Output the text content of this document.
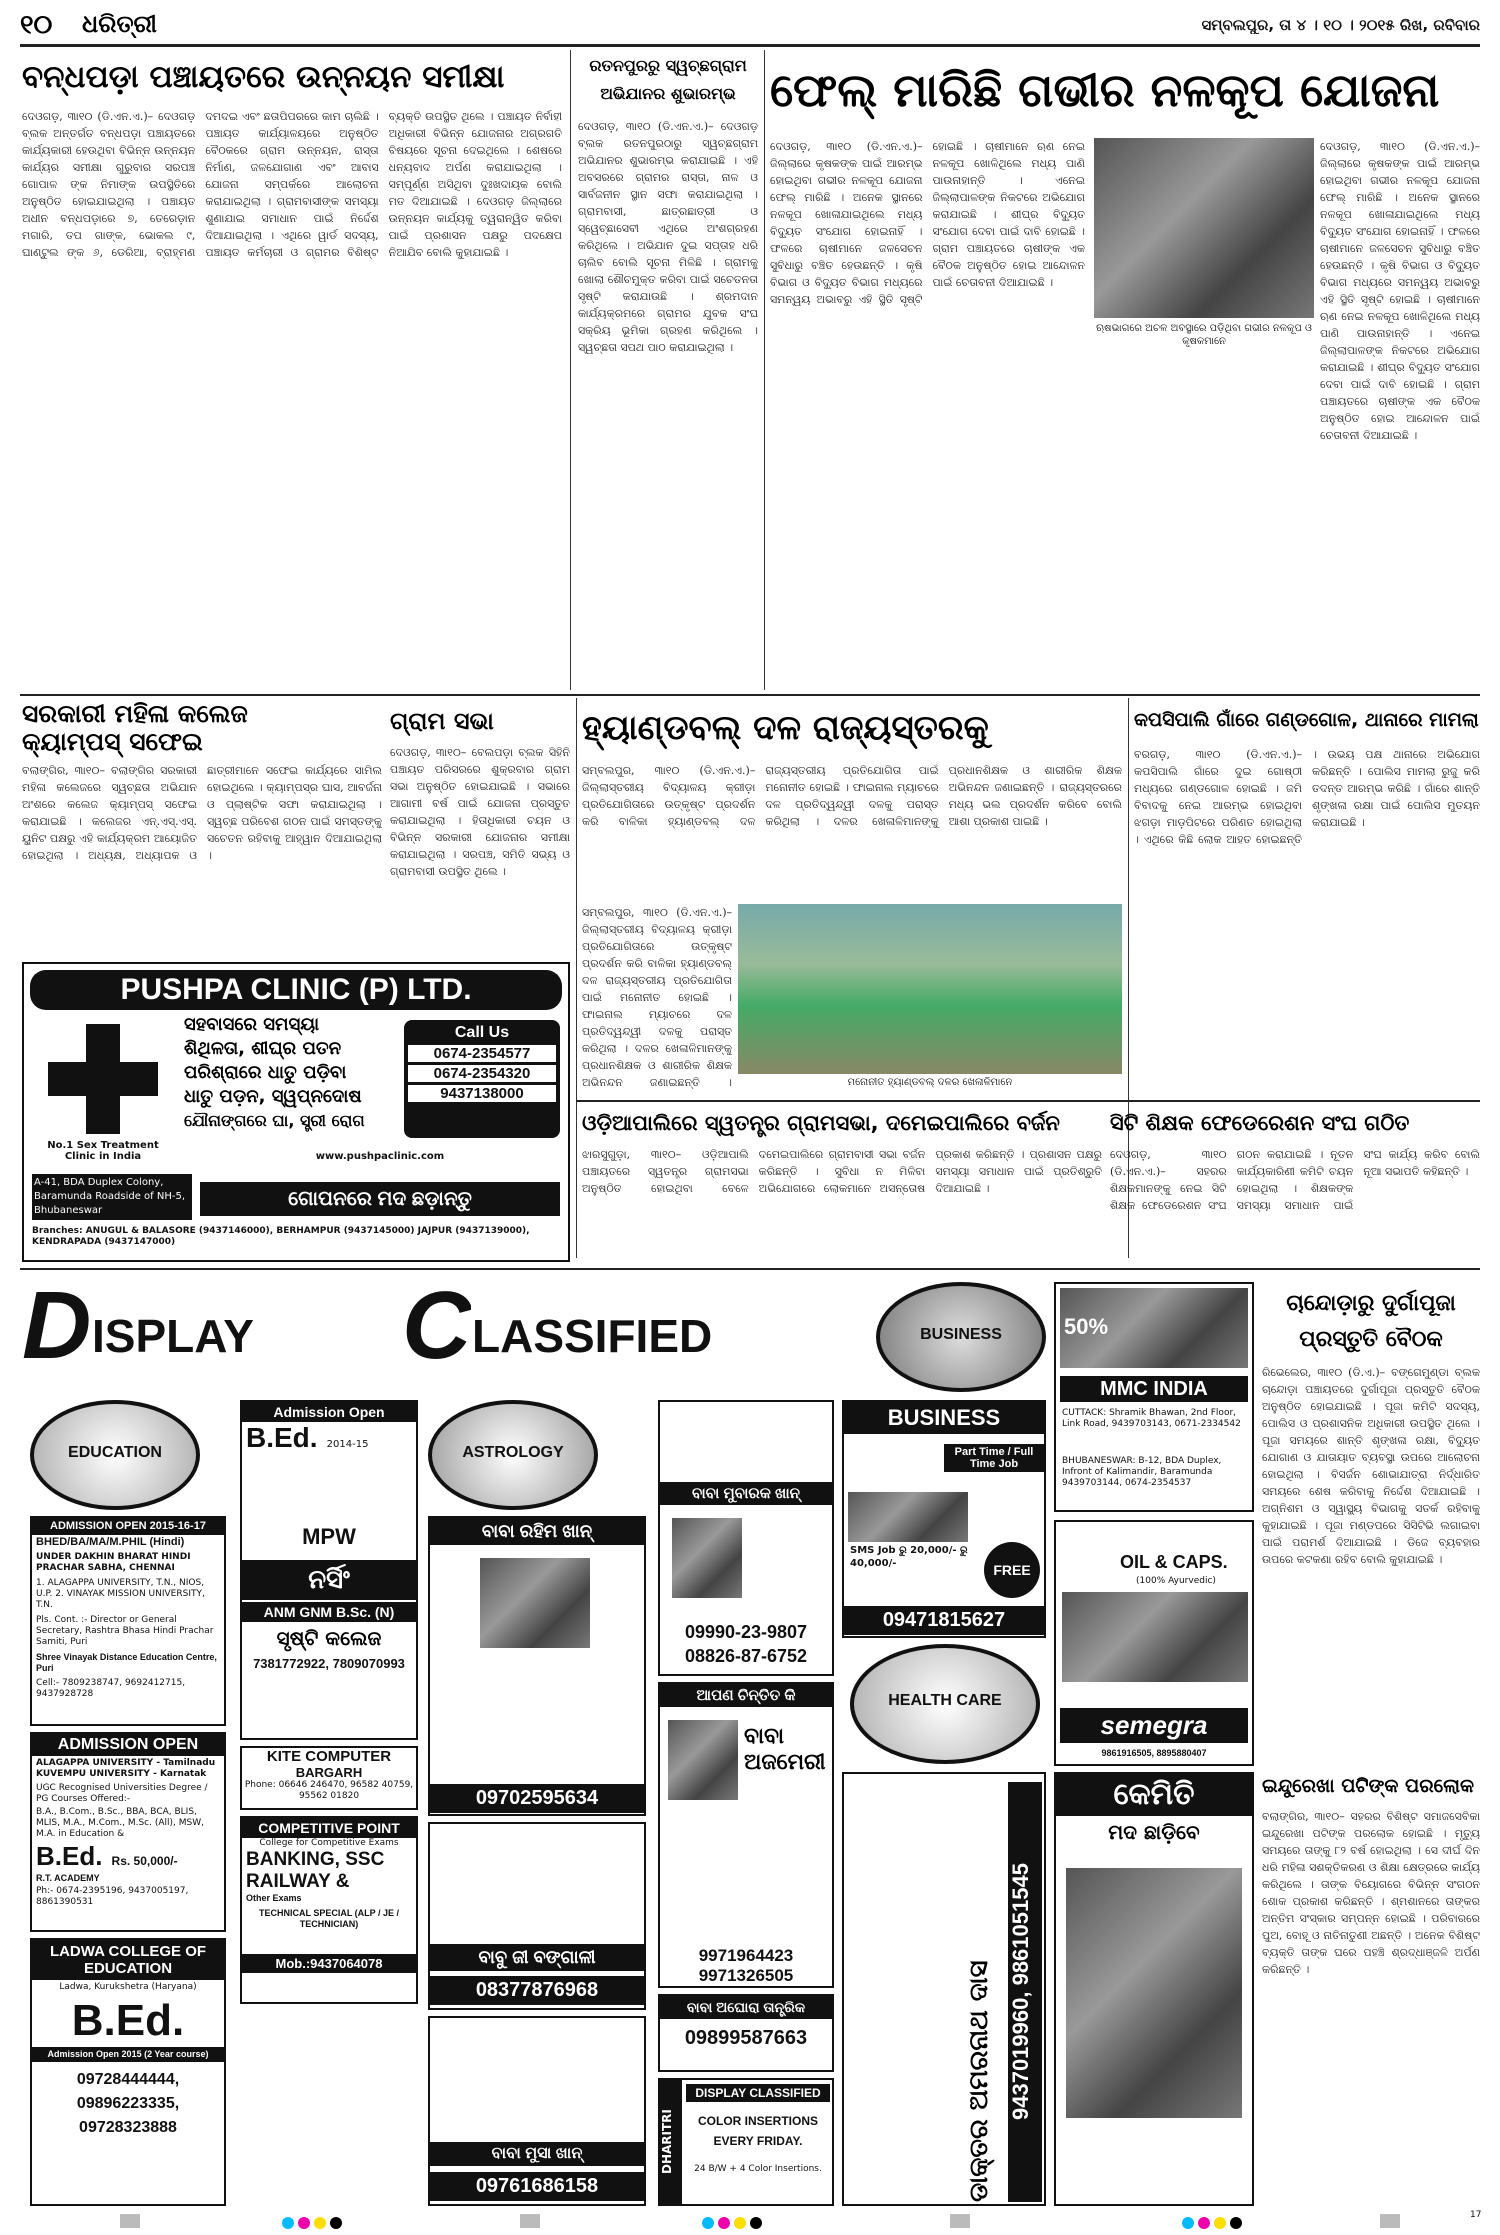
୧୦ ଧରିତ୍ରୀ	ସମ୍ବଲପୁର, ତା ୪ । ୧୦ । ୨୦୧୫ ରିଖ, ରବିବାର
ବନ୍ଧପଡ଼ା ପଞ୍ଚାୟତରେ ଉନ୍ନୟନ ସମୀକ୍ଷା
ଦେଓଗଡ଼, ୩ା୧୦ (ଡି.ଏନ.ଏ.)– ଦେଓଗଡ଼ ବ୍ଲକ ଅନ୍ତର୍ଗତ ବନ୍ଧପଡ଼ା ପଞ୍ଚାୟତରେ କାର୍ଯ୍ୟକାରୀ ହେଉଥିବା ବିଭିନ୍ନ ଉନ୍ନୟନ କାର୍ଯ୍ୟର ସମୀକ୍ଷା ଗୁରୁବାର ସରପଞ୍ଚ ଗୋପାଳ ଙ୍କ ନିମାଙ୍କ ଉପସ୍ଥିତିରେ ଅନୁଷ୍ଠିତ ହୋଇଯାଇଥିଲା । ପଞ୍ଚାୟତ ଅଧୀନ ବନ୍ଧପଡ଼ାରେ ୭, ତେରେଡ଼ାନ ମଗାରି, ତପ ଗାଙ୍କ, ଭୋକଲ ୯, ଘାଣ୍ଟୁଲ ଙ୍କ ୬, ଡେରିଆ, ବ୍ରାହ୍ମଣ ଦମଦଇ ଏବଂ ଛତାପିପରରେ କାମ ଚାଲିଛି । ପଞ୍ଚାୟତ କାର୍ଯ୍ୟାଳୟରେ ଅନୁଷ୍ଠିତ ବୈଠକରେ ଗ୍ରାମ ଉନ୍ନୟନ, ରାସ୍ତା ନିର୍ମାଣ, ଜଳଯୋଗାଣ ଏବଂ ଆବାସ ଯୋଜନା ସମ୍ପର୍କରେ ଆଲୋଚନା କରାଯାଇଥିଲା । ଗ୍ରାମବାସୀଙ୍କ ସମସ୍ୟା ଶୁଣାଯାଇ ସମାଧାନ ପାଇଁ ନିର୍ଦ୍ଦେଶ ଦିଆଯାଇଥିଲା । ଏଥିରେ ୱାର୍ଡ ସଦସ୍ୟ, ପଞ୍ଚାୟତ କର୍ମଚାରୀ ଓ ଗ୍ରାମର ବିଶିଷ୍ଟ ବ୍ୟକ୍ତି ଉପସ୍ଥିତ ଥିଲେ । ପଞ୍ଚାୟତ ନିର୍ବାହୀ ଅଧିକାରୀ ବିଭିନ୍ନ ଯୋଜନାର ଅଗ୍ରଗତି ବିଷୟରେ ସୂଚନା ଦେଇଥିଲେ । ଶେଷରେ ଧନ୍ୟବାଦ ଅର୍ପଣ କରାଯାଇଥିଲା । ସମ୍ପୂର୍ଣ୍ଣ ଅସିଥିବା ଦୁଃଖଦାୟକ ବୋଲି ମତ ଦିଆଯାଇଛି । ଦେଓଗଡ଼ ଜିଲ୍ଲାରେ ଉନ୍ନୟନ କାର୍ଯ୍ୟକୁ ତ୍ୱରାନ୍ୱିତ କରିବା ପାଇଁ ପ୍ରଶାସନ ପକ୍ଷରୁ ପଦକ୍ଷେପ ନିଆଯିବ ବୋଲି କୁହାଯାଇଛି ।
ରତନପୁରରୁ ସ୍ୱଚ୍ଛଗ୍ରାମ ଅଭିଯାନର ଶୁଭାରମ୍ଭ
ଦେଓଗଡ଼, ୩ା୧୦ (ଡି.ଏନ.ଏ.)– ଦେଓଗଡ଼ ବ୍ଲକ ରତନପୁରଠାରୁ ସ୍ୱଚ୍ଛଗ୍ରାମ ଅଭିଯାନର ଶୁଭାରମ୍ଭ କରାଯାଇଛି । ଏହି ଅବସରରେ ଗ୍ରାମର ରାସ୍ତା, ନାଳ ଓ ସାର୍ବଜନୀନ ସ୍ଥାନ ସଫା କରାଯାଇଥିଲା । ଗ୍ରାମବାସୀ, ଛାତ୍ରଛାତ୍ରୀ ଓ ସ୍ୱେଚ୍ଛାସେବୀ ଏଥିରେ ଅଂଶଗ୍ରହଣ କରିଥିଲେ । ଅଭିଯାନ ଦୁଇ ସପ୍ତାହ ଧରି ଚାଲିବ ବୋଲି ସୂଚନା ମିଳିଛି । ଗ୍ରାମକୁ ଖୋଲା ଶୌଚମୁକ୍ତ କରିବା ପାଇଁ ସଚେତନତା ସୃଷ୍ଟି କରାଯାଉଛି । ଶ୍ରମଦାନ କାର୍ଯ୍ୟକ୍ରମରେ ଗ୍ରାମର ଯୁବକ ସଂଘ ସକ୍ରିୟ ଭୂମିକା ଗ୍ରହଣ କରିଥିଲେ । ସ୍ୱଚ୍ଛତା ସପଥ ପାଠ କରାଯାଇଥିଲା ।
ଫେଲ୍ ମାରିଛି ଗଭୀର ନଳକୂପ ଯୋଜନା
ଦେଓଗଡ଼, ୩ା୧୦ (ଡି.ଏନ.ଏ.)– ଜିଲ୍ଲାରେ କୃଷକଙ୍କ ପାଇଁ ଆରମ୍ଭ ହୋଇଥିବା ଗଭୀର ନଳକୂପ ଯୋଜନା ଫେଲ୍ ମାରିଛି । ଅନେକ ସ୍ଥାନରେ ନଳକୂପ ଖୋଳାଯାଇଥିଲେ ମଧ୍ୟ ବିଦ୍ୟୁତ ସଂଯୋଗ ହୋଇନାହିଁ । ଫଳରେ ଚାଷୀମାନେ ଜଳସେଚନ ସୁବିଧାରୁ ବଞ୍ଚିତ ହେଉଛନ୍ତି । କୃଷି ବିଭାଗ ଓ ବିଦ୍ୟୁତ ବିଭାଗ ମଧ୍ୟରେ ସମନ୍ୱୟ ଅଭାବରୁ ଏହି ସ୍ଥିତି ସୃଷ୍ଟି ହୋଇଛି । ଚାଷୀମାନେ ଋଣ ନେଇ ନଳକୂପ ଖୋଳିଥିଲେ ମଧ୍ୟ ପାଣି ପାଉନାହାନ୍ତି । ଏନେଇ ଜିଲ୍ଲାପାଳଙ୍କ ନିକଟରେ ଅଭିଯୋଗ କରାଯାଇଛି । ଶୀଘ୍ର ବିଦ୍ୟୁତ ସଂଯୋଗ ଦେବା ପାଇଁ ଦାବି ହୋଇଛି । ଗ୍ରାମ ପଞ୍ଚାୟତରେ ଚାଷୀଙ୍କ ଏକ ବୈଠକ ଅନୁଷ୍ଠିତ ହୋଇ ଆନ୍ଦୋଳନ ପାଇଁ ଚେତାବନୀ ଦିଆଯାଇଛି ।
ଋଷଭାଗରେ ଅଚଳ ଅବସ୍ଥାରେ ପଡ଼ିଥିବା ଗଭୀର ନଳକୂପ ଓ କୃଷକମାନେ
ଦେଓଗଡ଼, ୩ା୧୦ (ଡି.ଏନ.ଏ.)– ଜିଲ୍ଲାରେ କୃଷକଙ୍କ ପାଇଁ ଆରମ୍ଭ ହୋଇଥିବା ଗଭୀର ନଳକୂପ ଯୋଜନା ଫେଲ୍ ମାରିଛି । ଅନେକ ସ୍ଥାନରେ ନଳକୂପ ଖୋଳାଯାଇଥିଲେ ମଧ୍ୟ ବିଦ୍ୟୁତ ସଂଯୋଗ ହୋଇନାହିଁ । ଫଳରେ ଚାଷୀମାନେ ଜଳସେଚନ ସୁବିଧାରୁ ବଞ୍ଚିତ ହେଉଛନ୍ତି । କୃଷି ବିଭାଗ ଓ ବିଦ୍ୟୁତ ବିଭାଗ ମଧ୍ୟରେ ସମନ୍ୱୟ ଅଭାବରୁ ଏହି ସ୍ଥିତି ସୃଷ୍ଟି ହୋଇଛି । ଚାଷୀମାନେ ଋଣ ନେଇ ନଳକୂପ ଖୋଳିଥିଲେ ମଧ୍ୟ ପାଣି ପାଉନାହାନ୍ତି । ଏନେଇ ଜିଲ୍ଲାପାଳଙ୍କ ନିକଟରେ ଅଭିଯୋଗ କରାଯାଇଛି । ଶୀଘ୍ର ବିଦ୍ୟୁତ ସଂଯୋଗ ଦେବା ପାଇଁ ଦାବି ହୋଇଛି । ଗ୍ରାମ ପଞ୍ଚାୟତରେ ଚାଷୀଙ୍କ ଏକ ବୈଠକ ଅନୁଷ୍ଠିତ ହୋଇ ଆନ୍ଦୋଳନ ପାଇଁ ଚେତାବନୀ ଦିଆଯାଇଛି ।
ସରକାରୀ ମହିଳା କଲେଜ କ୍ୟାମ୍ପସ୍ ସଫେଇ
ବଲାଙ୍ଗିର, ୩ା୧୦– ବଲାଙ୍ଗିର ସରକାରୀ ମହିଳା କଲେଜରେ ସ୍ୱଚ୍ଛତା ଅଭିଯାନ ଅଂଶରେ କଲେଜ କ୍ୟାମ୍ପସ୍ ସଫେଇ କରାଯାଇଛି । କଲେଜର ଏନ୍.ଏସ୍.ଏସ୍. ୟୁନିଟ ପକ୍ଷରୁ ଏହି କାର୍ଯ୍ୟକ୍ରମ ଆୟୋଜିତ ହୋଇଥିଲା । ଅଧ୍ୟକ୍ଷ, ଅଧ୍ୟାପକ ଓ ଛାତ୍ରୀମାନେ ସଫେଇ କାର୍ଯ୍ୟରେ ସାମିଲ ହୋଇଥିଲେ । କ୍ୟାମ୍ପସ୍‌ର ଘାସ, ଆବର୍ଜନା ଓ ପ୍ଲାଷ୍ଟିକ ସଫା କରାଯାଇଥିଲା । ସ୍ୱଚ୍ଛ ପରିବେଶ ଗଠନ ପାଇଁ ସମସ୍ତଙ୍କୁ ସଚେତନ ରହିବାକୁ ଆହ୍ୱାନ ଦିଆଯାଇଥିଲା ।
ଗ୍ରାମ ସଭା
ଦେଓଗଡ଼, ୩ା୧୦– ବେଲପଡ଼ା ବ୍ଲକ ସିହିନି ପଞ୍ଚାୟତ ପରିସରରେ ଶୁକ୍ରବାର ଗ୍ରାମ ସଭା ଅନୁଷ୍ଠିତ ହୋଇଯାଇଛି । ସଭାରେ ଆଗାମୀ ବର୍ଷ ପାଇଁ ଯୋଜନା ପ୍ରସ୍ତୁତ କରାଯାଇଥିଲା । ହିତାଧିକାରୀ ଚୟନ ଓ ବିଭିନ୍ନ ସରକାରୀ ଯୋଜନାର ସମୀକ୍ଷା କରାଯାଇଥିଲା । ସରପଞ୍ଚ, ସମିତି ସଭ୍ୟ ଓ ଗ୍ରାମବାସୀ ଉପସ୍ଥିତ ଥିଲେ ।
ହ୍ୟାଣ୍ଡବଲ୍ ଦଳ ରାଜ୍ୟସ୍ତରକୁ
ସମ୍ବଲପୁର, ୩ା୧୦ (ଡି.ଏନ.ଏ.)– ଜିଲ୍ଲାସ୍ତରୀୟ ବିଦ୍ୟାଳୟ କ୍ରୀଡ଼ା ପ୍ରତିଯୋଗିତାରେ ଉତ୍କୃଷ୍ଟ ପ୍ରଦର୍ଶନ କରି ବାଳିକା ହ୍ୟାଣ୍ଡବଲ୍ ଦଳ ରାଜ୍ୟସ୍ତରୀୟ ପ୍ରତିଯୋଗିତା ପାଇଁ ମନୋନୀତ ହୋଇଛି । ଫାଇନାଲ ମ୍ୟାଚରେ ଦଳ ପ୍ରତିଦ୍ୱନ୍ଦ୍ୱୀ ଦଳକୁ ପରାସ୍ତ କରିଥିଲା । ଦଳର ଖେଳାଳିମାନଙ୍କୁ ପ୍ରଧାନଶିକ୍ଷକ ଓ ଶାରୀରିକ ଶିକ୍ଷକ ଅଭିନନ୍ଦନ ଜଣାଇଛନ୍ତି । ରାଜ୍ୟସ୍ତରରେ ମଧ୍ୟ ଭଲ ପ୍ରଦର୍ଶନ କରିବେ ବୋଲି ଆଶା ପ୍ରକାଶ ପାଇଛି ।
ମନୋନୀତ ହ୍ୟାଣ୍ଡବଲ୍ ଦଳର ଖେଳାଳିମାନେ
ସମ୍ବଲପୁର, ୩ା୧୦ (ଡି.ଏନ.ଏ.)– ଜିଲ୍ଲାସ୍ତରୀୟ ବିଦ୍ୟାଳୟ କ୍ରୀଡ଼ା ପ୍ରତିଯୋଗିତାରେ ଉତ୍କୃଷ୍ଟ ପ୍ରଦର୍ଶନ କରି ବାଳିକା ହ୍ୟାଣ୍ଡବଲ୍ ଦଳ ରାଜ୍ୟସ୍ତରୀୟ ପ୍ରତିଯୋଗିତା ପାଇଁ ମନୋନୀତ ହୋଇଛି । ଫାଇନାଲ ମ୍ୟାଚରେ ଦଳ ପ୍ରତିଦ୍ୱନ୍ଦ୍ୱୀ ଦଳକୁ ପରାସ୍ତ କରିଥିଲା । ଦଳର ଖେଳାଳିମାନଙ୍କୁ ପ୍ରଧାନଶିକ୍ଷକ ଓ ଶାରୀରିକ ଶିକ୍ଷକ ଅଭିନନ୍ଦନ ଜଣାଇଛନ୍ତି ।
କପସିପାଲି ଗାଁରେ ଗଣ୍ଡଗୋଳ, ଥାନାରେ ମାମଲା
ବରଗଡ଼, ୩ା୧୦ (ଡି.ଏନ.ଏ.)– କପସିପାଲି ଗାଁରେ ଦୁଇ ଗୋଷ୍ଠୀ ମଧ୍ୟରେ ଗଣ୍ଡଗୋଳ ହୋଇଛି । ଜମି ବିବାଦକୁ ନେଇ ଆରମ୍ଭ ହୋଇଥିବା ଝଗଡ଼ା ମାଡ଼ପିଟରେ ପରିଣତ ହୋଇଥିଲା । ଏଥିରେ କିଛି ଲୋକ ଆହତ ହୋଇଛନ୍ତି । ଉଭୟ ପକ୍ଷ ଥାନାରେ ଅଭିଯୋଗ କରିଛନ୍ତି । ପୋଲିସ ମାମଲା ରୁଜୁ କରି ତଦନ୍ତ ଆରମ୍ଭ କରିଛି । ଗାଁରେ ଶାନ୍ତି ଶୃଙ୍ଖଳା ରକ୍ଷା ପାଇଁ ପୋଲିସ ମୁତୟନ କରାଯାଇଛି ।
PUSHPA CLINIC (P) LTD.
No.1 Sex Treatment Clinic in India
ସହବାସରେ ସମସ୍ୟା
ଶିଥିଳତା, ଶୀଘ୍ର ପତନ
ପରିଶ୍ରାରେ ଧାତୁ ପଡ଼ିବା
ଧାତୁ ପଡ଼ନ, ସ୍ୱପ୍ନଦୋଷ
ଯୌନାଙ୍ଗରେ ଘା, ସ୍ତ୍ରୀ ରୋଗ
Call Us
0674-2354577
0674-2354320
9437138000
A-41, BDA Duplex Colony, Baramunda Roadside of NH-5, Bhubaneswar
www.pushpaclinic.com
ଗୋପନରେ ମଦ ଛଡ଼ାନ୍ତୁ
Branches: ANUGUL & BALASORE (9437146000), BERHAMPUR (9437145000) JAJPUR (9437139000), KENDRAPADA (9437147000)
ଓଡ଼ିଆପାଲିରେ ସ୍ୱତନ୍ତ୍ର ଗ୍ରାମସଭା, ଦମେଇପାଲିରେ ବର୍ଜନ
ଝାରସୁଗୁଡ଼ା, ୩ା୧୦– ଓଡ଼ିଆପାଲି ପଞ୍ଚାୟତରେ ସ୍ୱତନ୍ତ୍ର ଗ୍ରାମସଭା ଅନୁଷ୍ଠିତ ହୋଇଥିବା ବେଳେ ଦମେଇପାଲିରେ ଗ୍ରାମବାସୀ ସଭା ବର୍ଜନ କରିଛନ୍ତି । ସୁବିଧା ନ ମିଳିବା ଅଭିଯୋଗରେ ଲୋକମାନେ ଅସନ୍ତୋଷ ପ୍ରକାଶ କରିଛନ୍ତି । ପ୍ରଶାସନ ପକ୍ଷରୁ ସମସ୍ୟା ସମାଧାନ ପାଇଁ ପ୍ରତିଶ୍ରୁତି ଦିଆଯାଇଛି ।
ସିଟି ଶିକ୍ଷକ ଫେଡେରେଶନ ସଂଘ ଗଠିତ
ଦେଓଗଡ଼, ୩ା୧୦ (ଡି.ଏନ.ଏ.)– ସହରର ଶିକ୍ଷକମାନଙ୍କୁ ନେଇ ସିଟି ଶିକ୍ଷକ ଫେଡେରେଶନ ସଂଘ ଗଠନ କରାଯାଇଛି । ନୂତନ କାର୍ଯ୍ୟକାରିଣୀ କମିଟି ଚୟନ ହୋଇଥିଲା । ଶିକ୍ଷକଙ୍କ ସମସ୍ୟା ସମାଧାନ ପାଇଁ ସଂଘ କାର୍ଯ୍ୟ କରିବ ବୋଲି ନୂଆ ସଭାପତି କହିଛନ୍ତି ।
D ISPLAY C LASSIFIED	BUSINESS	50%
MMC INDIA
CUTTACK: Shramik Bhawan, 2nd Floor, Link Road, 9439703143, 0671-2334542
BHUBANESWAR: B-12, BDA Duplex, Infront of Kalimandir, Baramunda 9439703144, 0674-2354537
ଚାନ୍ଦୋଡ଼ାରୁ ଦୁର୍ଗାପୂଜା ପ୍ରସ୍ତୁତି ବୈଠକ
ରିଭେଲେର, ୩ା୧୦ (ଡି.ଏ.)– ବଙ୍ଗେମୁଣ୍ଡା ବ୍ଲକ ଚାନ୍ଦୋଡ଼ା ପଞ୍ଚାୟତରେ ଦୁର୍ଗାପୂଜା ପ୍ରସ୍ତୁତି ବୈଠକ ଅନୁଷ୍ଠିତ ହୋଇଯାଇଛି । ପୂଜା କମିଟି ସଦସ୍ୟ, ପୋଲିସ ଓ ପ୍ରଶାସନିକ ଅଧିକାରୀ ଉପସ୍ଥିତ ଥିଲେ । ପୂଜା ସମୟରେ ଶାନ୍ତି ଶୃଙ୍ଖଳା ରକ୍ଷା, ବିଦ୍ୟୁତ ଯୋଗାଣ ଓ ଯାତାୟାତ ବ୍ୟବସ୍ଥା ଉପରେ ଆଲୋଚନା ହୋଇଥିଲା । ବିସର୍ଜନ ଶୋଭାଯାତ୍ରା ନିର୍ଦ୍ଧାରିତ ସମୟରେ ଶେଷ କରିବାକୁ ନିର୍ଦ୍ଦେଶ ଦିଆଯାଇଛି । ଅଗ୍ନିଶମ ଓ ସ୍ୱାସ୍ଥ୍ୟ ବିଭାଗକୁ ସତର୍କ ରହିବାକୁ କୁହାଯାଇଛି । ପୂଜା ମଣ୍ଡପରେ ସିସିଟିଭି ଲଗାଇବା ପାଇଁ ପରାମର୍ଶ ଦିଆଯାଇଛି । ଡିଜେ ବ୍ୟବହାର ଉପରେ କଟକଣା ରହିବ ବୋଲି କୁହାଯାଇଛି ।
ଇନ୍ଦୁରେଖା ପଟିଙ୍କ ପରଲୋକ
ବଲାଙ୍ଗିର, ୩ା୧୦– ସହରର ବିଶିଷ୍ଟ ସମାଜସେବିକା ଇନ୍ଦୁରେଖା ପଟିଙ୍କ ପରଲୋକ ହୋଇଛି । ମୃତ୍ୟୁ ସମୟରେ ତାଙ୍କୁ ୮୨ ବର୍ଷ ହୋଇଥିଲା । ସେ ଦୀର୍ଘ ଦିନ ଧରି ମହିଳା ସଶକ୍ତିକରଣ ଓ ଶିକ୍ଷା କ୍ଷେତ୍ରରେ କାର୍ଯ୍ୟ କରିଥିଲେ । ତାଙ୍କ ବିୟୋଗରେ ବିଭିନ୍ନ ସଂଗଠନ ଶୋକ ପ୍ରକାଶ କରିଛନ୍ତି । ଶ୍ମଶାନରେ ତାଙ୍କର ଅନ୍ତିମ ସଂସ୍କାର ସମ୍ପନ୍ନ ହୋଇଛି । ପରିବାରରେ ପୁଅ, ବୋହୂ ଓ ନାତିନାତୁଣୀ ଅଛନ୍ତି । ଅନେକ ବିଶିଷ୍ଟ ବ୍ୟକ୍ତି ତାଙ୍କ ଘରେ ପହଞ୍ଚି ଶ୍ରଦ୍ଧାଞ୍ଜଳି ଅର୍ପଣ କରିଛନ୍ତି ।
EDUCATION
ADMISSION OPEN 2015-16-17
BHED/BA/MA/M.PHIL (Hindi)
UNDER DAKHIN BHARAT HINDI PRACHAR SABHA, CHENNAI
1. ALAGAPPA UNIVERSITY, T.N., NIOS, U.P. 2. VINAYAK MISSION UNIVERSITY, T.N.
Pls. Cont. :- Director or General Secretary, Rashtra Bhasa Hindi Prachar Samiti, Puri
Shree Vinayak Distance Education Centre, Puri
Cell:- 7809238747, 9692412715, 9437928728
ADMISSION OPEN
ALAGAPPA UNIVERSITY - Tamilnadu KUVEMPU UNIVERSITY - Karnatak
UGC Recognised Universities Degree / PG Courses Offered:-
B.A., B.Com., B.Sc., BBA, BCA, BLIS, MLIS, M.A., M.Com., M.Sc. (All), MSW, M.A. in Education &
B.Ed. Rs. 50,000/-
R.T. ACADEMY
Ph:- 0674-2395196, 9437005197, 8861390531
LADWA COLLEGE OF EDUCATION
Ladwa, Kurukshetra (Haryana)
B.Ed.
Admission Open 2015 (2 Year course)
09728444444, 09896223335, 09728323888
Admission Open
B.Ed. 2014-15
MPW
ନର୍ସିଂ
ANM GNM B.Sc. (N)
ସୃଷ୍ଟି କଲେଜ
7381772922, 7809070993
KITE COMPUTER
BARGARH
Phone: 06646 246470, 96582 40759, 95562 01820
COMPETITIVE POINT
College for Competitive Exams
BANKING, SSC
RAILWAY &
Other Exams
TECHNICAL SPECIAL (ALP / JE / TECHNICIAN)
Mob.:9437064078
ASTROLOGY
ବାବା ରହିମ ଖାନ୍
09702595634
ବାବୁ ଜୀ ବଙ୍ଗାଳୀ
08377876968
ବାବା ମୁସା ଖାନ୍
09761686158
ବାବା ମୁବାରକ ଖାନ୍
09990-23-9807
08826-87-6752
ଆପଣ ଚିନ୍ତିତ କି
ବାବା ଅଜମେରୀ
9971964423
9971326505
ବାବା ଅଘୋରା ତାନ୍ତ୍ରିକ
09899587663
DHARITRI
DISPLAY CLASSIFIED
COLOR INSERTIONS
EVERY FRIDAY.
24 B/W + 4 Color Insertions.
BUSINESS
Part Time / Full Time Job
SMS Job ରୁ 20,000/- ରୁ 40,000/-	FREE
09471815627
HEALTH CARE
ଡାକ୍ତର ଅମରନାଥ ଦାସ 9437019960, 9861051545
OIL & CAPS.
(100% Ayurvedic)
semegra
9861916505, 8895880407
କେମିତି
ମଦ ଛାଡ଼ିବେ
17
